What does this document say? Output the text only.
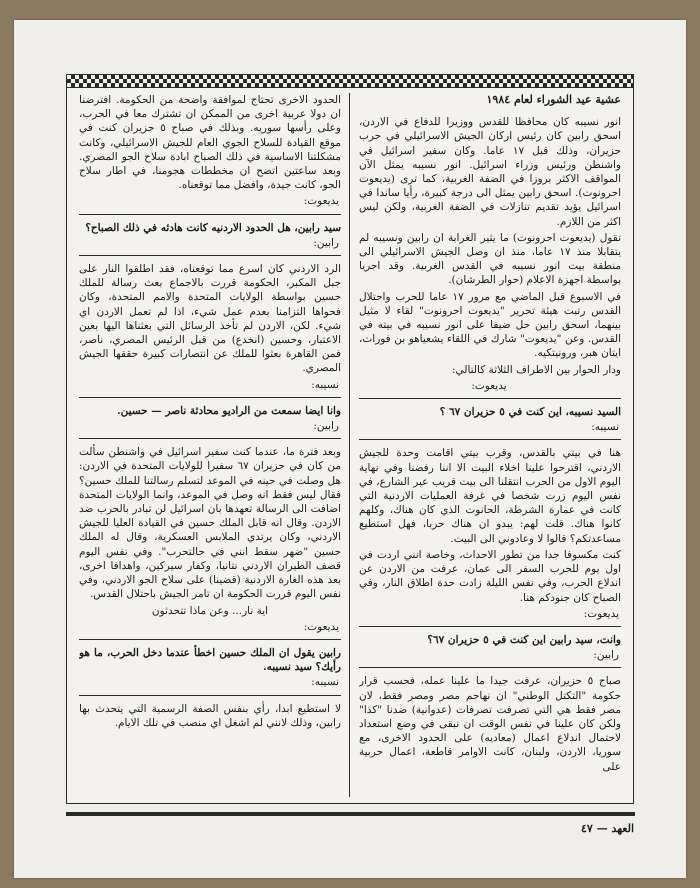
عشية عيد الشوراء لعام ١٩٨٤

انور نسيبه كان محافظا للقدس ووزيرا للدفاع في الاردن، اسحق رابين كان رئيس اركان الجيش الاسرائيلي في حرب حزيران، وذلك قبل ١٧ عاما. وكان سفير اسرائيل في واشنطن ورئيس وزراء اسرائيل. انور نسيبه يمثل الآن المواقف الاكثر بروزا في الضفة الغربية، كما ترى (يديعوت احرونوت). اسحق رابين يمثل الى درجة كبيرة، رأيا ساندا في اسرائيل يؤيد تقديم تنازلات في الضفة الغربية، ولكن ليس اكثر من اللازم.

تقول (يديعوت احرونوت) ما يثير الغرابة ان رابين ونسيبه لم يتقابلا منذ ١٧ عاما، منذ ان وصل الجيش الاسرائيلي الى منطقة بيت انور نسيبه في القدس الغربية. وقد اجريا بواسطة اجهزة الاعلام (حوار الطرشان).

في الاسبوع قبل الماضي مع مرور ١٧ عاما للحرب واحتلال القدس رتبت هيئة تحرير "يديعوت احرونوت" لقاء لا مثيل بينهما، اسحق رابين حل ضيفا على انور نسيبه في بيته في القدس. وعن "يديعوت" شارك في اللقاء يشعياهو بن فورات، ايتان هبر، ورونيتكيه.

ودار الحوار بين الاطراف الثلاثة كالتالي:

يديعوت:

السيد نسيبه، اين كنت في ٥ حزيران ٦٧ ؟

نسيبه:

هنا في بيتي بالقدس، وقرب بيتي اقامت وحدة للجيش الاردني، اقترحوا علينا اخلاء البيت الا اننا رفضنا وفي نهاية اليوم الاول من الحرب انتقلنا الى بيت قريب عبر الشارع، في نفس اليوم زرت شخصا في غرفة العمليات الاردنية التي كانت في عمارة الشرطة، الحانوت الذي كان هناك، وكلهم كانوا هناك. قلت لهم: يبدو ان هناك حربا، فهل استطيع مساعدتكم؟ قالوا لا وعادوني الى البيت.

كنت مكسوفا جدا من تطور الاحداث، وخاصة انني اردت في اول يوم للحرب السفر الى عمان، عرفت من الاردن عن اندلاع الحرب، وفي نفس الليلة زادت حدة اطلاق النار، وفي الصباح كان جنودكم هنا.

يديعوت:

وانت، سيد رابين اين كنت في ٥ حزيران ٦٧؟

رابين:

صباح ٥ حزيران، عرفت جيدا ما علينا عمله، فحسب قرار حكومة "التكتل الوطني" ان نهاجم مصر ومصر فقط، لان مصر فقط هي التي تصرفت تصرفات (عدوانية) ضدنا "كذا" ولكن كان علينا في نفس الوقت ان نبقى في وضع استعداد لاحتمال اندلاع اعمال (معاديه) على الحدود الاخرى، مع سوريا، الاردن، ولبنان، كانت الاوامر قاطعة، اعمال حربية على

الحدود الاخرى تحتاج لموافقة واضحة من الحكومة. افترضنا ان دولا عربية اخرى من الممكن ان تشترك معا في الحرب، وعلى رأسها سوريه. وبذلك في صباح ٥ حزيران كنت في موقع القيادة للسلاح الجوي العام للجيش الاسرائيلي، وكانت مشكلتنا الاساسية في ذلك الصباح ابادة سلاح الجو المصري. وبعد ساعتين اتضح ان مخططات هجومنا، في اطار سلاح الجو، كانت جيدة، وافضل مما توقعناه.

يديعوت:

سيد رابين، هل الحدود الاردنيه كانت هادئه في ذلك الصباح؟

رابين:

الرد الاردني كان اسرع مما توقعناه، فقد اطلقوا النار على جبل المكبر، الحكومة قررت بالاجماع بعث رسالة للملك حسين بواسطة الولايات المتحدة والامم المتحدة، وكان فحواها التزامنا بعدم عمل شيء، اذا لم تعمل الاردن اي شيء. لكن، الاردن لم تأخذ الرسائل التي بعثناها اليها بعين الاعتبار، وحسين (انخدع) من قبل الرئيس المصري، ناصر، فمن القاهرة بعثوا للملك عن انتصارات كبيرة حققها الجيش المصري.

نسيبه:

وانا ايضا سمعت من الراديو محادثة ناصر — حسين.

رابين:

وبعد فترة ما، عندما كنت سفير اسرائيل في واشنطن سألت من كان في حزيران ٦٧ سفيرا للولايات المتحدة في الاردن: هل وصلت في حينه في الموعد لتسلم رسالتنا للملك حسين؟ فقال ليس فقط انه وصل في الموعد، وانما الولايات المتحدة اضافت الى الرسالة تعهدها بان اسرائيل لن تبادر بالحرب ضد الاردن. وقال انه قابل الملك حسين في القيادة العليا للجيش الاردني، وكان يرتدي الملابس العسكرية، وقال له الملك حسين "ضهر سقط انني في حالتحرب". وفي نفس اليوم قصف الطيران الاردني نتانيا، وكفار سيركين، واهدافا اخرى، بعد هذه الغارة الاردنية (قضينا) على سلاح الجو الاردني، وفي نفس اليوم قررت الحكومة ان تامر الجيش باحتلال القدس.

اية نار... وعن ماذا تتحدثون

يديعوت:

رابين يقول ان الملك حسين اخطأ عندما دخل الحرب، ما هو رأيك؟ سيد نسيبه.

نسيبه:

لا استطيع ابدا، رأي بنفس الصفة الرسمية التي يتحدث بها رابين، وذلك لانني لم اشغل اي منصب في تلك الايام.

العهد — ٤٧
